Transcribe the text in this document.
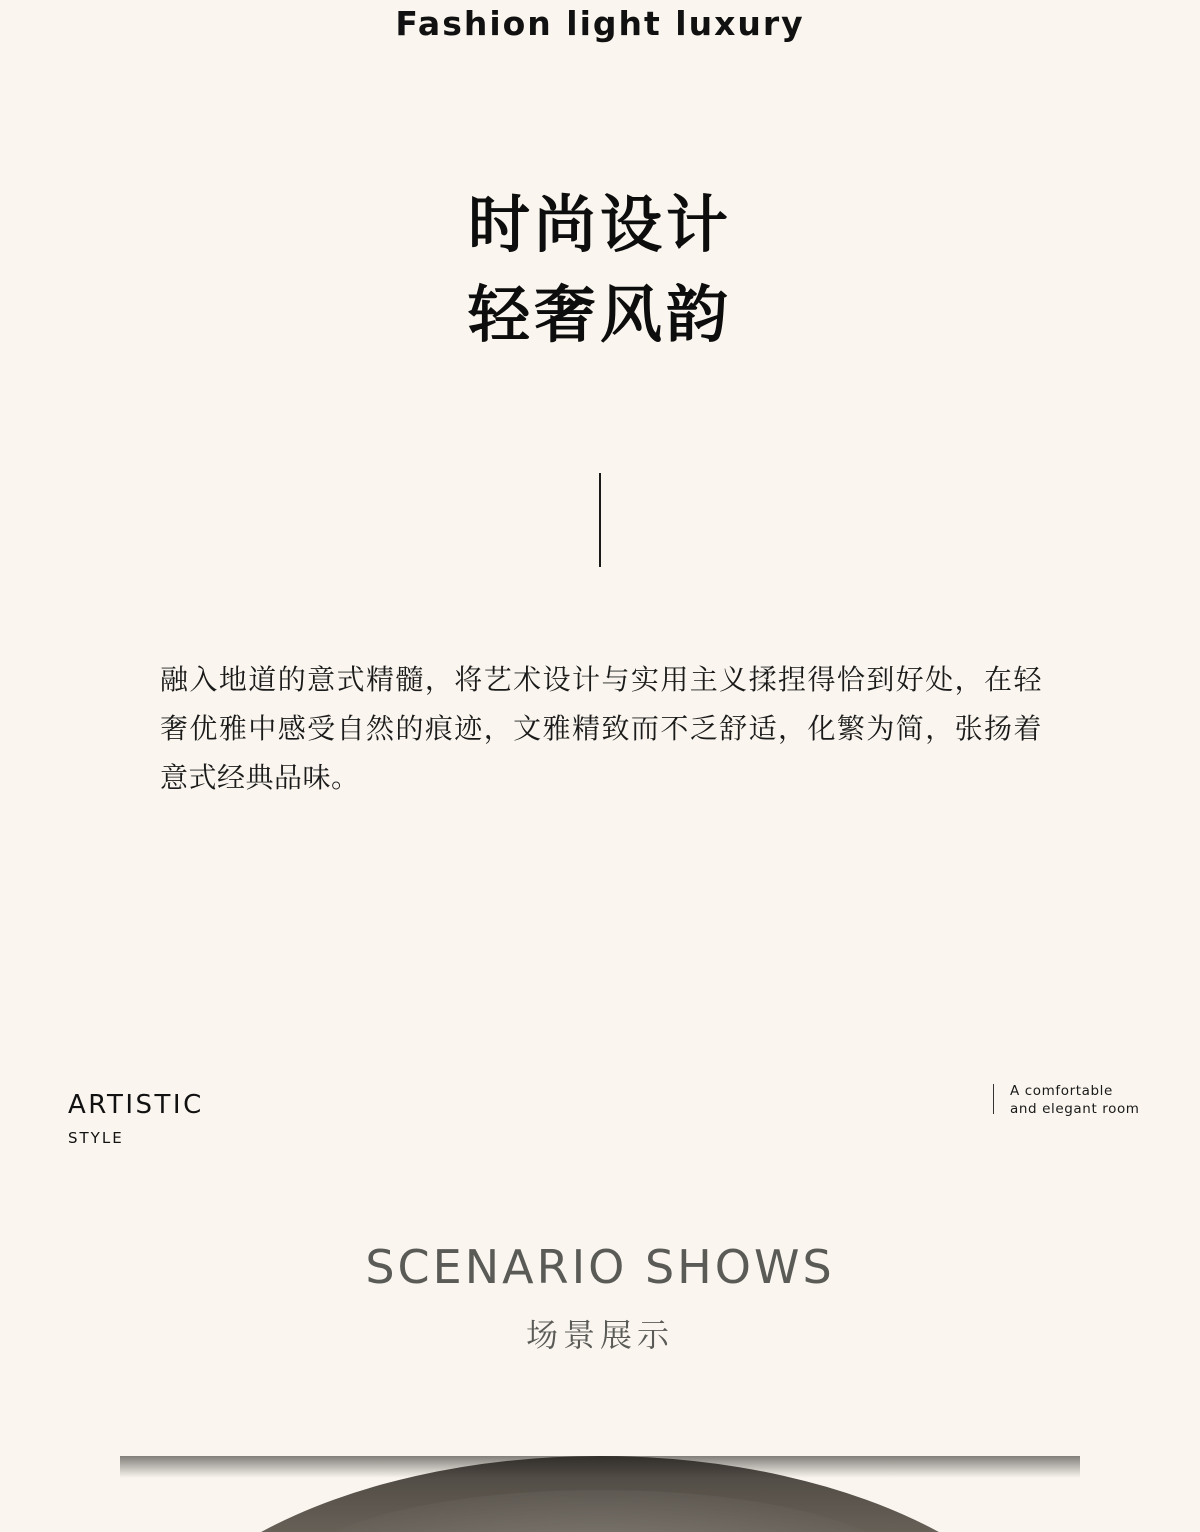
Fashion light luxury
时尚设计
轻奢风韵
融入地道的意式精髓，将艺术设计与实用主义揉捏得恰到好处，在轻奢优雅中感受自然的痕迹，文雅精致而不乏舒适，化繁为简，张扬着意式经典品味。
ARTISTIC
STYLE
A comfortable and elegant room
SCENARIO SHOWS
场景展示
